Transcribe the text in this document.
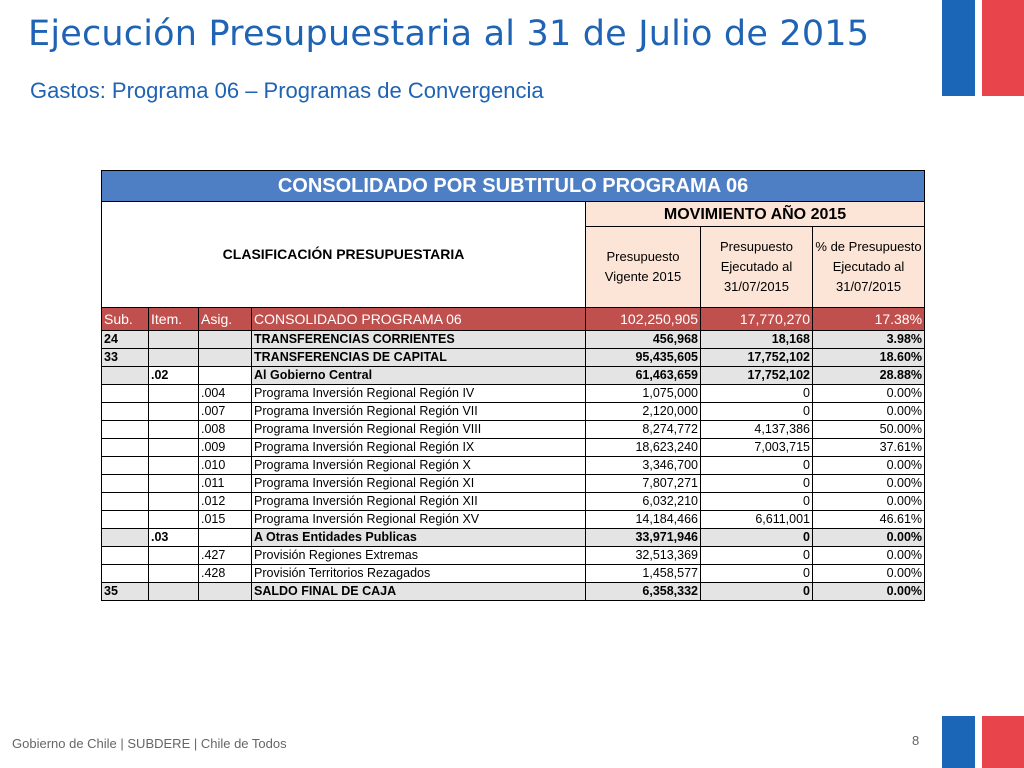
Ejecución Presupuestaria al 31 de Julio de 2015
Gastos: Programa 06 – Programas de Convergencia
CONSOLIDADO POR SUBTITULO PROGRAMA 06						
CLASIFICACIÓN PRESUPUESTARIA				MOVIMIENTO AÑO 2015		
				Presupuesto Vigente 2015	Presupuesto Ejecutado al 31/07/2015	% de Presupuesto Ejecutado al 31/07/2015
Sub.	Item.	Asig.	CONSOLIDADO PROGRAMA 06	102,250,905	17,770,270	17.38%
24			TRANSFERENCIAS CORRIENTES	456,968	18,168	3.98%
33			TRANSFERENCIAS DE CAPITAL	95,435,605	17,752,102	18.60%
	.02		Al Gobierno Central	61,463,659	17,752,102	28.88%
		.004	Programa Inversión Regional Región IV	1,075,000	0	0.00%
		.007	Programa Inversión Regional Región VII	2,120,000	0	0.00%
		.008	Programa Inversión Regional Región VIII	8,274,772	4,137,386	50.00%
		.009	Programa Inversión Regional Región IX	18,623,240	7,003,715	37.61%
		.010	Programa Inversión Regional Región X	3,346,700	0	0.00%
		.011	Programa Inversión Regional Región XI	7,807,271	0	0.00%
		.012	Programa Inversión Regional Región XII	6,032,210	0	0.00%
		.015	Programa Inversión Regional Región XV	14,184,466	6,611,001	46.61%
	.03		A Otras Entidades Publicas	33,971,946	0	0.00%
		.427	Provisión Regiones Extremas	32,513,369	0	0.00%
		.428	Provisión Territorios Rezagados	1,458,577	0	0.00%
35			SALDO FINAL DE CAJA	6,358,332	0	0.00%
Gobierno de Chile | SUBDERE | Chile de Todos	8
